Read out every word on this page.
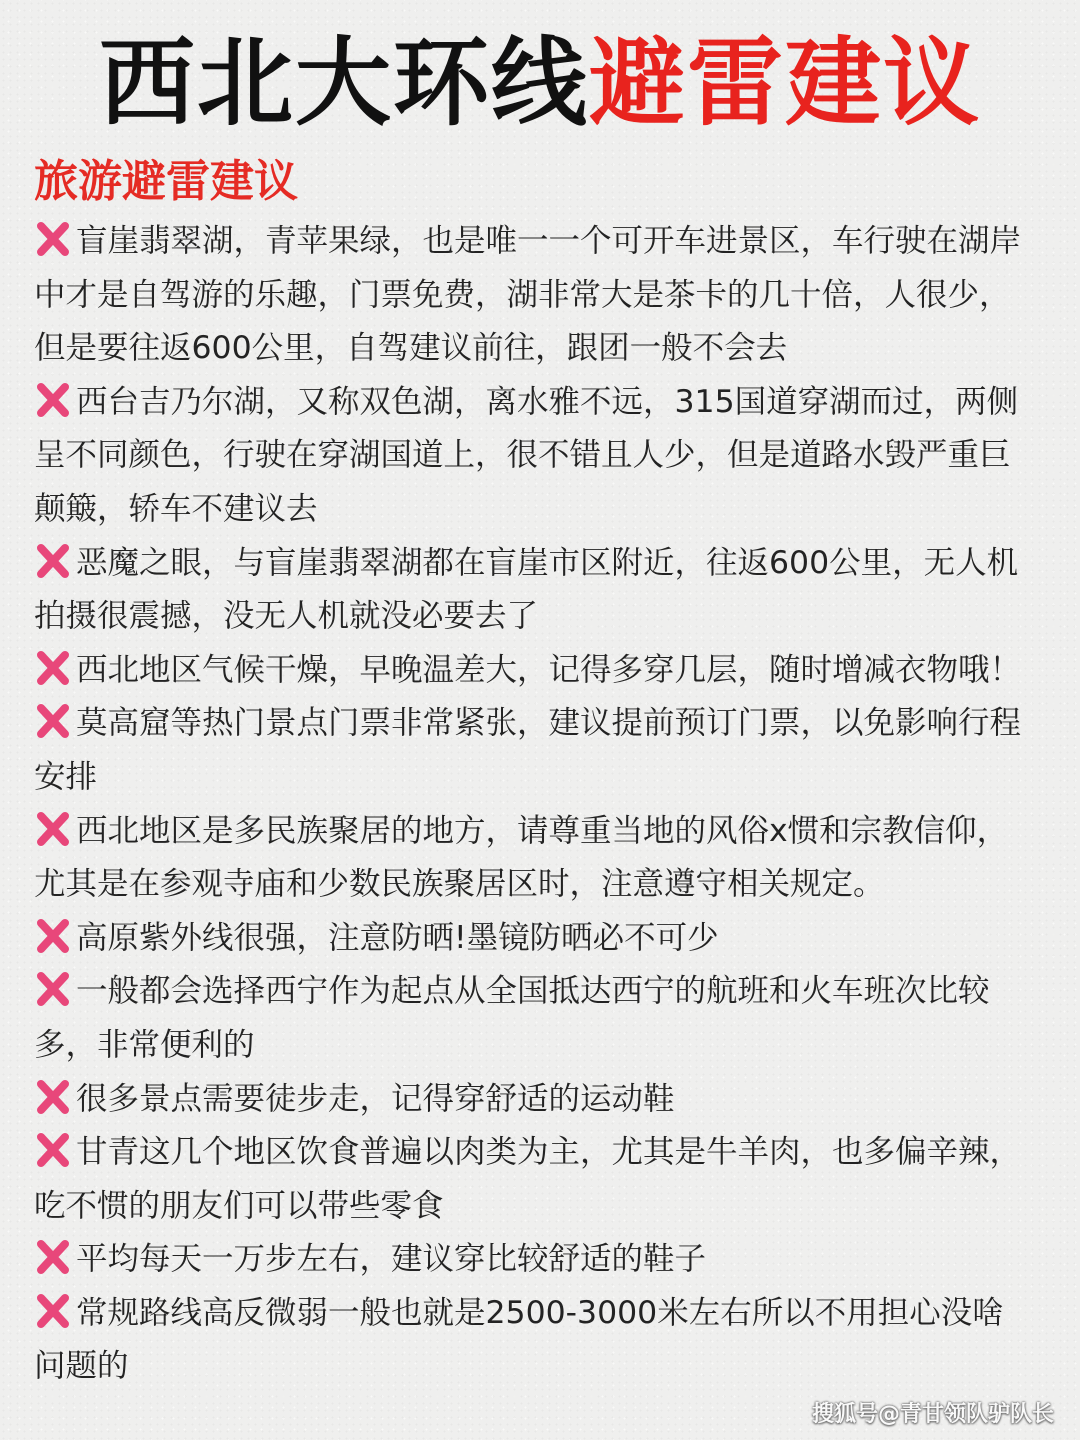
西北大环线避雷建议
旅游避雷建议
盲崖翡翠湖，青苹果绿，也是唯一一个可开车进景区，车行驶在湖岸中才是自驾游的乐趣，门票免费，湖非常大是茶卡的几十倍，人很少，但是要往返600公里，自驾建议前往，跟团一般不会去
西台吉乃尔湖，又称双色湖，离水雅不远，315国道穿湖而过，两侧呈不同颜色，行驶在穿湖国道上，很不错且人少，但是道路水毁严重巨颠簸，轿车不建议去
恶魔之眼，与盲崖翡翠湖都在盲崖市区附近，往返600公里，无人机拍摄很震撼，没无人机就没必要去了
西北地区气候干燥，早晚温差大，记得多穿几层，随时增减衣物哦！
莫高窟等热门景点门票非常紧张，建议提前预订门票，以免影响行程安排
西北地区是多民族聚居的地方，请尊重当地的风俗x惯和宗教信仰，尤其是在参观寺庙和少数民族聚居区时，注意遵守相关规定。
高原紫外线很强，注意防晒!墨镜防晒必不可少
一般都会选择西宁作为起点从全国抵达西宁的航班和火车班次比较多，非常便利的
很多景点需要徒步走，记得穿舒适的运动鞋
甘青这几个地区饮食普遍以肉类为主，尤其是牛羊肉，也多偏辛辣，吃不惯的朋友们可以带些零食
平均每天一万步左右，建议穿比较舒适的鞋子
常规路线高反微弱一般也就是2500-3000米左右所以不用担心没啥问题的
搜狐号@青甘领队驴队长
